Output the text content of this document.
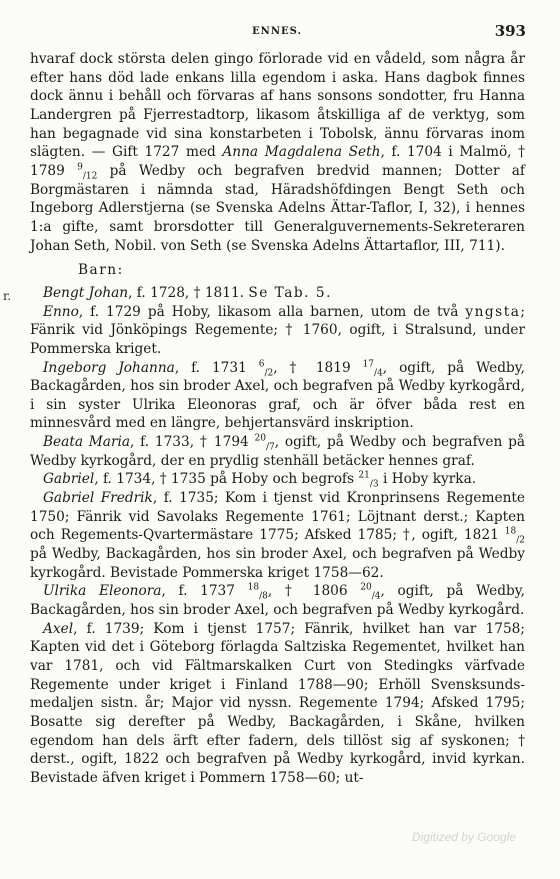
ENNES.	393
r.

hvaraf dock största delen gingo förlorade vid en vådeld, som några år efter hans död lade enkans lilla egendom i aska. Hans dagbok finnes dock ännu i behåll och förvaras af hans sonsons sondotter, fru Hanna Landergren på Fjerrestadtorp, likasom åtskilliga af de verktyg, som han begagnade vid sina konstarbeten i Tobolsk, ännu förvaras inom slägten. — Gift 1727 med Anna Magdalena Seth, f. 1704 i Malmö, † 1789 $^9_{/12}$ på Wedby och begrafven bredvid mannen; Dotter af Borgmästaren i nämnda stad, Häradshöfdingen Bengt Seth och Ingeborg Adlerstjerna (se Svenska Adelns Ättar-Taflor, I, 32), i hennes 1:a gifte, samt brorsdotter till Generalguvernements-Sekreteraren Johan Seth, Nobil. von Seth (se Svenska Adelns Ättartaflor, III, 711).

Barn:

Bengt Johan, f. 1728, † 1811. Se Tab. 5.

Enno, f. 1729 på Hoby, likasom alla barnen, utom de två yngsta; Fänrik vid Jönköpings Regemente; † 1760, ogift, i Stralsund, under Pommerska kriget.

Ingeborg Johanna, f. 1731 $^6_{/2}$, † 1819 $^{17}_{/4}$, ogift, på Wedby, Backagården, hos sin broder Axel, och begrafven på Wedby kyrkogård, i sin syster Ulrika Eleonoras graf, och är öfver båda rest en minnesvård med en längre, behjertansvärd inskription.

Beata Maria, f. 1733, † 1794 $^{20}_{/7}$, ogift, på Wedby och begrafven på Wedby kyrkogård, der en prydlig stenhäll betäcker hennes graf.

Gabriel, f. 1734, † 1735 på Hoby och begrofs $^{21}_{/3}$ i Hoby kyrka.

Gabriel Fredrik, f. 1735; Kom i tjenst vid Kronprinsens Regemente 1750; Fänrik vid Savolaks Regemente 1761; Löjtnant derst.; Kapten och Regements-Qvartermästare 1775; Afsked 1785; †, ogift, 1821 $^{18}_{/2}$ på Wedby, Backagården, hos sin broder Axel, och begrafven på Wedby kyrkogård. Bevistade Pommerska kriget 1758—62.

Ulrika Eleonora, f. 1737 $^{18}_{/8}$, † 1806 $^{20}_{/4}$, ogift, på Wedby, Backagården, hos sin broder Axel, och begrafven på Wedby kyrkogård.

Axel, f. 1739; Kom i tjenst 1757; Fänrik, hvilket han var 1758; Kapten vid det i Göteborg förlagda Saltziska Regementet, hvilket han var 1781, och vid Fältmarskalken Curt von Stedingks värfvade Regemente under kriget i Finland 1788—90; Erhöll Svensksunds-medaljen sistn. år; Major vid nyssn. Regemente 1794; Afsked 1795; Bosatte sig derefter på Wedby, Backagården, i Skåne, hvilken egendom han dels ärft efter fadern, dels tillöst sig af syskonen; † derst., ogift, 1822 och begrafven på Wedby kyrkogård, invid kyrkan. Bevistade äfven kriget i Pommern 1758—60; ut-

Digitized by Google
